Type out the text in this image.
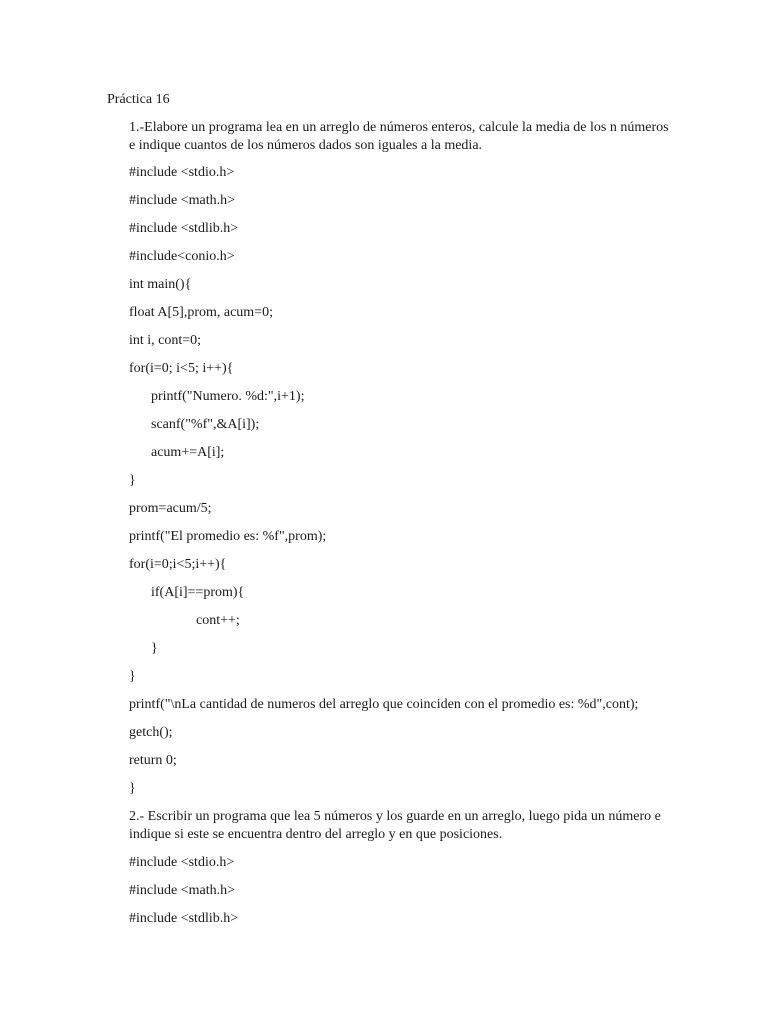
Práctica 16
1.-Elabore un programa lea en un arreglo de números enteros, calcule la media de los n números e indique cuantos de los números dados son iguales a la media.
#include <stdio.h>
#include <math.h>
#include <stdlib.h>
#include<conio.h>
int main(){
float A[5],prom, acum=0;
int i, cont=0;
for(i=0; i<5; i++){
printf("Numero. %d:",i+1);
scanf("%f",&A[i]);
acum+=A[i];
}
prom=acum/5;
printf("El promedio es: %f",prom);
for(i=0;i<5;i++){
if(A[i]==prom){
cont++;
}
}
printf("\nLa cantidad de numeros del arreglo que coinciden con el promedio es: %d",cont);
getch();
return 0;
}
2.- Escribir un programa que lea 5 números y los guarde en un arreglo, luego pida un número e indique si este se encuentra dentro del arreglo y en que posiciones.
#include <stdio.h>
#include <math.h>
#include <stdlib.h>
